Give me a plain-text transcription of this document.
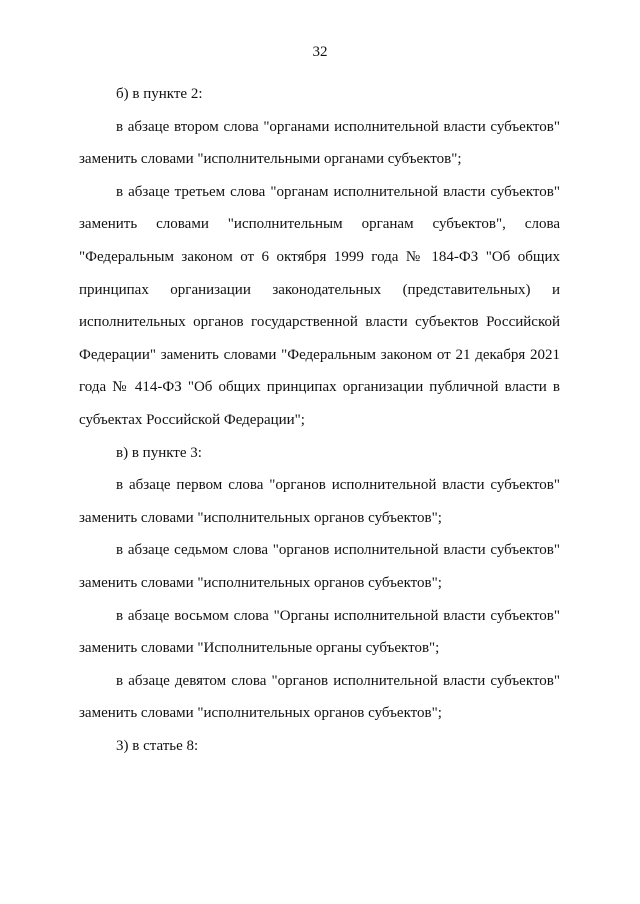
32

б) в пункте 2:

в абзаце втором слова "органами исполнительной власти субъектов" заменить словами "исполнительными органами субъектов";

в абзаце третьем слова "органам исполнительной власти субъектов" заменить словами "исполнительным органам субъектов", слова "Федеральным законом от 6 октября 1999 года № 184-ФЗ "Об общих принципах организации законодательных (представительных) и исполнительных органов государственной власти субъектов Российской Федерации" заменить словами "Федеральным законом от 21 декабря 2021 года № 414-ФЗ "Об общих принципах организации публичной власти в субъектах Российской Федерации";

в) в пункте 3:

в абзаце первом слова "органов исполнительной власти субъектов" заменить словами "исполнительных органов субъектов";

в абзаце седьмом слова "органов исполнительной власти субъектов" заменить словами "исполнительных органов субъектов";

в абзаце восьмом слова "Органы исполнительной власти субъектов" заменить словами "Исполнительные органы субъектов";

в абзаце девятом слова "органов исполнительной власти субъектов" заменить словами "исполнительных органов субъектов";

3) в статье 8:
